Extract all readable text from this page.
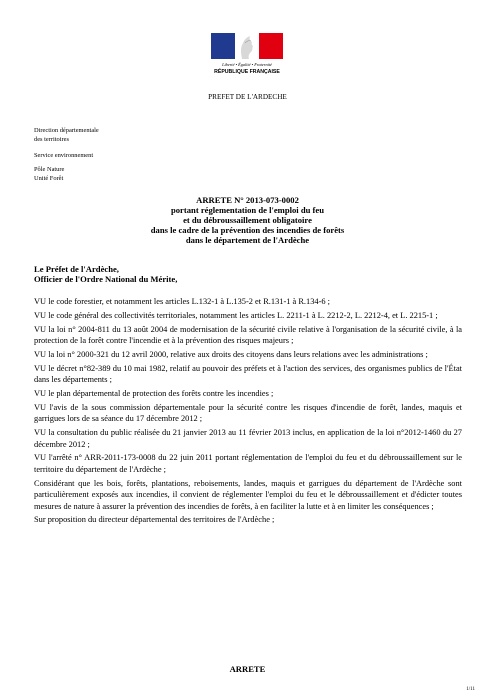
Liberté • Égalité • Fraternité
RÉPUBLIQUE FRANÇAISE
PREFET DE L'ARDECHE
Direction départementale
des territoires
Service environnement
Pôle Nature
Unité Forêt
ARRETE N° 2013-073-0002
portant réglementation de l'emploi du feu
et du débroussaillement obligatoire
dans le cadre de la prévention des incendies de forêts
dans le département de l'Ardèche
Le Préfet de l'Ardèche,
Officier de l'Ordre National du Mérite,
VU le code forestier, et notamment les articles L.132-1 à L.135-2 et R.131-1 à R.134-6 ;
VU le code général des collectivités territoriales, notamment les articles L. 2211-1 à L. 2212-2, L. 2212-4, et L. 2215-1 ;
VU la loi n° 2004-811 du 13 août 2004 de modernisation de la sécurité civile relative à l'organisation de la sécurité civile, à la protection de la forêt contre l'incendie et à la prévention des risques majeurs ;
VU la loi n° 2000-321 du 12 avril 2000, relative aux droits des citoyens dans leurs relations avec les administrations ;
VU le décret n°82-389 du 10 mai 1982, relatif au pouvoir des préfets et à l'action des services, des organismes publics de l'État dans les départements ;
VU le plan départemental de protection des forêts contre les incendies ;
VU l'avis de la sous commission départementale pour la sécurité contre les risques d'incendie de forêt, landes, maquis et garrigues lors de sa séance du 17 décembre 2012 ;
VU la consultation du public réalisée du 21 janvier 2013 au 11 février 2013 inclus, en application de la loi n°2012-1460 du 27 décembre 2012 ;
VU l'arrêté n° ARR-2011-173-0008 du 22 juin 2011 portant réglementation de l'emploi du feu et du débroussaillement sur le territoire du département de l'Ardèche ;
Considérant que les bois, forêts, plantations, reboisements, landes, maquis et garrigues du département de l'Ardèche sont particulièrement exposés aux incendies, il convient de réglementer l'emploi du feu et le débroussaillement et d'édicter toutes mesures de nature à assurer la prévention des incendies de forêts, à en faciliter la lutte et à en limiter les conséquences ;
Sur proposition du directeur départemental des territoires de l'Ardèche ;
ARRETE
1/11
